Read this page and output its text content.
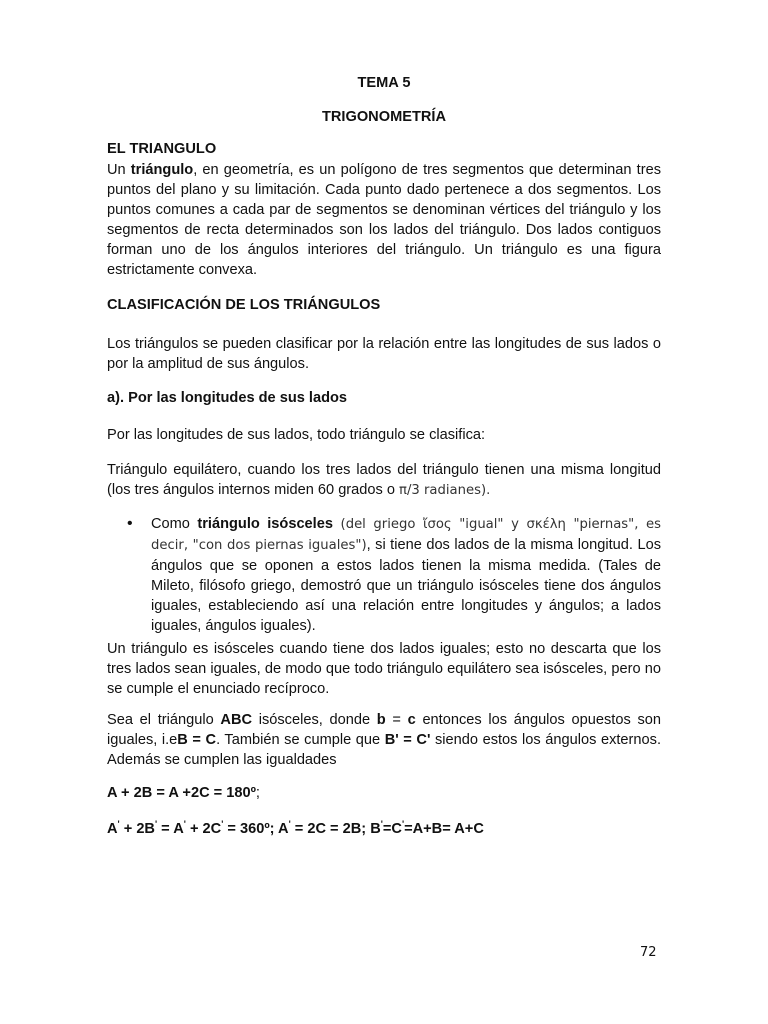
TEMA 5
TRIGONOMETRÍA
EL TRIANGULO
Un triángulo, en geometría, es un polígono de tres segmentos que determinan tres puntos del plano y su limitación. Cada punto dado pertenece a dos segmentos. Los puntos comunes a cada par de segmentos se denominan vértices del triángulo y los segmentos de recta determinados son los lados del triángulo. Dos lados contiguos forman uno de los ángulos interiores del triángulo. Un triángulo es una figura estrictamente convexa.
CLASIFICACIÓN DE LOS TRIÁNGULOS
Los triángulos se pueden clasificar por la relación entre las longitudes de sus lados o por la amplitud de sus ángulos.
a). Por las longitudes de sus lados
Por las longitudes de sus lados, todo triángulo se clasifica:
Triángulo equilátero, cuando los tres lados del triángulo tienen una misma longitud (los tres ángulos internos miden 60 grados o π/3 radianes).
• Como triángulo isósceles (del griego ἴσος "igual" y σκέλη "piernas", es decir, "con dos piernas iguales"), si tiene dos lados de la misma longitud. Los ángulos que se oponen a estos lados tienen la misma medida. (Tales de Mileto, filósofo griego, demostró que un triángulo isósceles tiene dos ángulos iguales, estableciendo así una relación entre longitudes y ángulos; a lados iguales, ángulos iguales).
Un triángulo es isósceles cuando tiene dos lados iguales; esto no descarta que los tres lados sean iguales, de modo que todo triángulo equilátero sea isósceles, pero no se cumple el enunciado recíproco.
Sea el triángulo ABC isósceles, donde b = c entonces los ángulos opuestos son iguales, i.eB = C. También se cumple que B' = C' siendo estos los ángulos externos. Además se cumplen las igualdades
A + 2B = A +2C = 180º;
A' + 2B' = A' + 2C' = 360º; A' = 2C = 2B; B'=C'=A+B= A+C
72
